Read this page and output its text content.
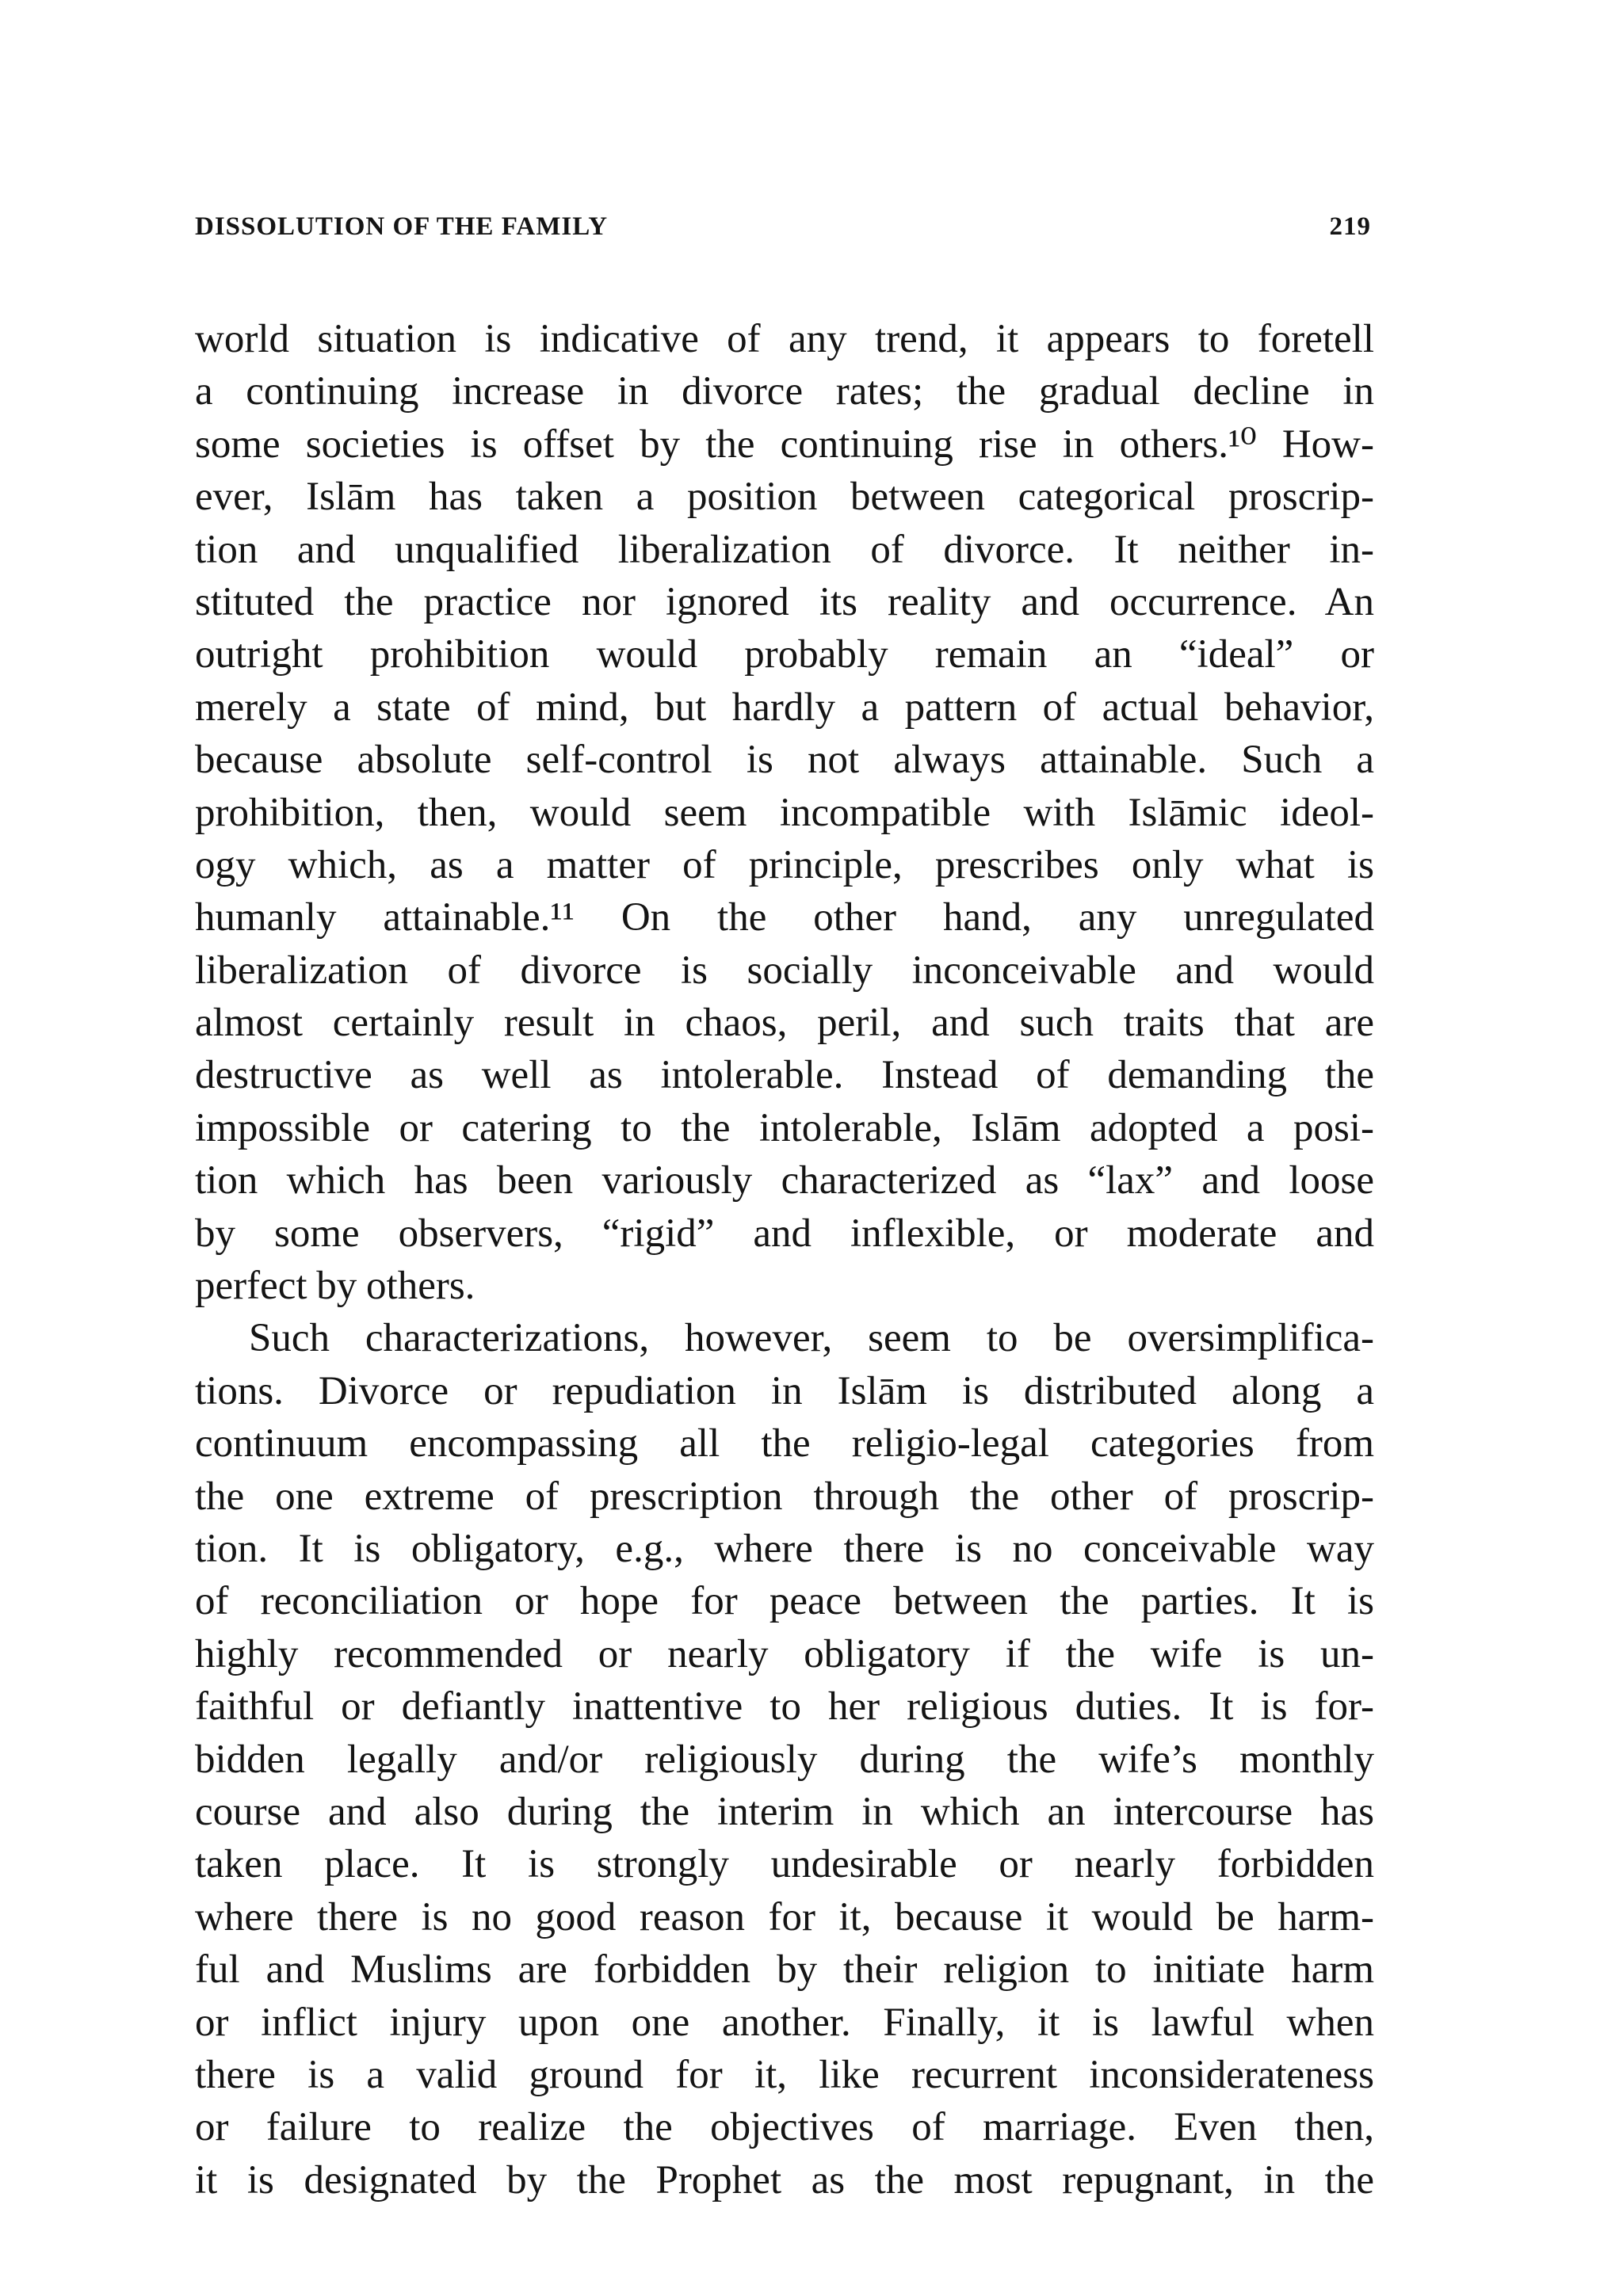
DISSOLUTION OF THE FAMILY	219
world situation is indicative of any trend, it appears to foretell
a continuing increase in divorce rates; the gradual decline in
some societies is offset by the continuing rise in others.¹⁰ How-
ever, Islām has taken a position between categorical proscrip-
tion and unqualified liberalization of divorce. It neither in-
stituted the practice nor ignored its reality and occurrence. An
outright prohibition would probably remain an “ideal” or
merely a state of mind, but hardly a pattern of actual behavior,
because absolute self-control is not always attainable. Such a
prohibition, then, would seem incompatible with Islāmic ideol-
ogy which, as a matter of principle, prescribes only what is
humanly attainable.¹¹ On the other hand, any unregulated
liberalization of divorce is socially inconceivable and would
almost certainly result in chaos, peril, and such traits that are
destructive as well as intolerable. Instead of demanding the
impossible or catering to the intolerable, Islām adopted a posi-
tion which has been variously characterized as “lax” and loose
by some observers, “rigid” and inflexible, or moderate and
perfect by others.
Such characterizations, however, seem to be oversimplifica-
tions. Divorce or repudiation in Islām is distributed along a
continuum encompassing all the religio-legal categories from
the one extreme of prescription through the other of proscrip-
tion. It is obligatory, e.g., where there is no conceivable way
of reconciliation or hope for peace between the parties. It is
highly recommended or nearly obligatory if the wife is un-
faithful or defiantly inattentive to her religious duties. It is for-
bidden legally and/or religiously during the wife’s monthly
course and also during the interim in which an intercourse has
taken place. It is strongly undesirable or nearly forbidden
where there is no good reason for it, because it would be harm-
ful and Muslims are forbidden by their religion to initiate harm
or inflict injury upon one another. Finally, it is lawful when
there is a valid ground for it, like recurrent inconsiderateness
or failure to realize the objectives of marriage. Even then,
it is designated by the Prophet as the most repugnant, in the
